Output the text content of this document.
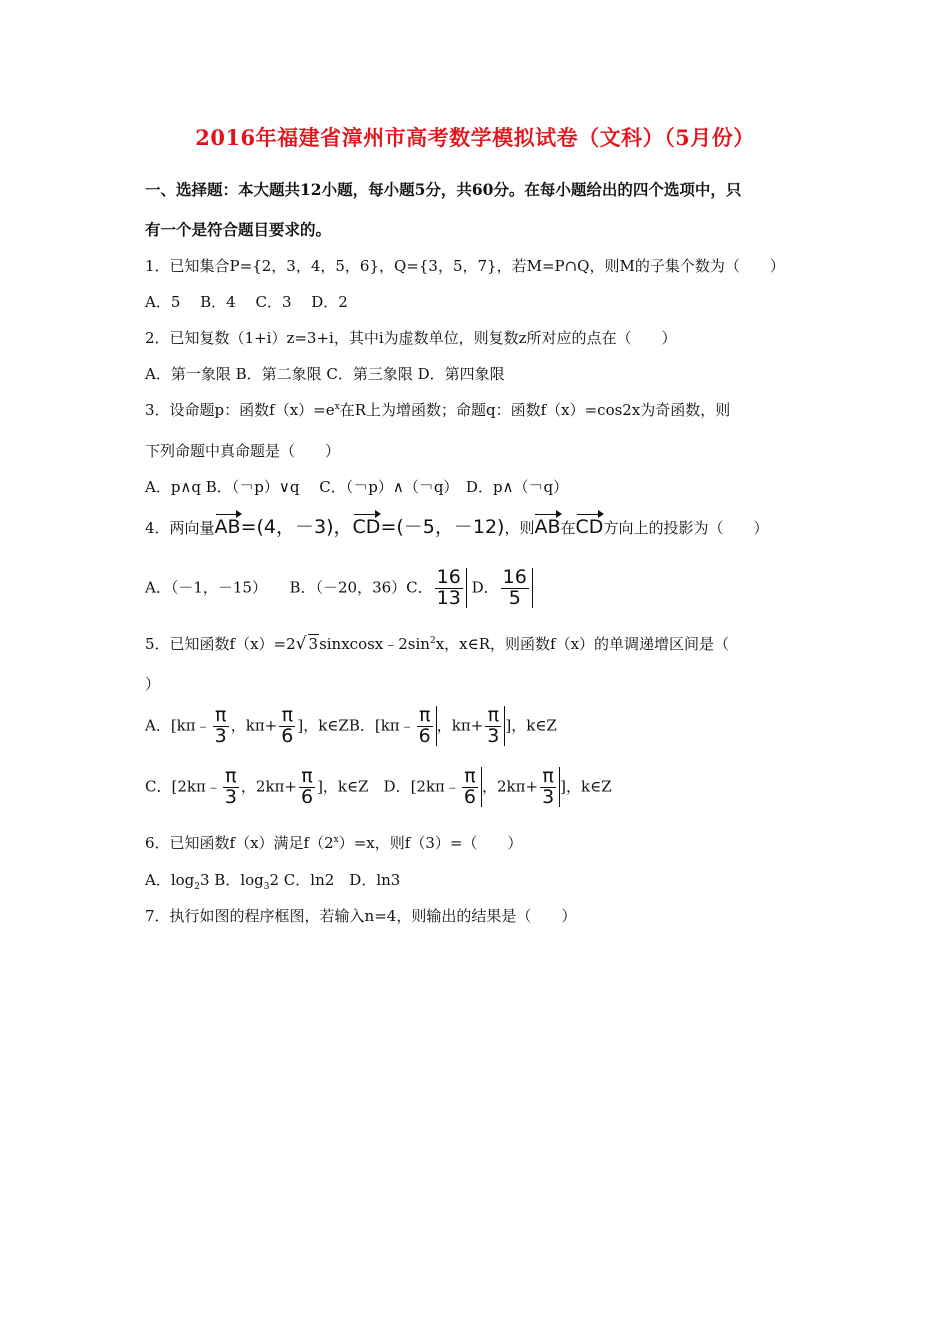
2016年福建省漳州市高考数学模拟试卷（文科）（5月份）
一、选择题：本大题共12小题，每小题5分，共60分。在每小题给出的四个选项中，只
有一个是符合题目要求的。
1．已知集合P={2，3，4，5，6}，Q={3，5，7}，若M=P∩Q，则M的子集个数为（　　）
A．5　 B．4　 C．3　 D．2
2．已知复数（1+i）z=3+i，其中i为虚数单位，则复数z所对应的点在（　　）
A．第一象限 B．第二象限 C．第三象限 D．第四象限
3．设命题p：函数$f(x)=e^x$在R上为增函数；命题q：函数f（x）=cos2x为奇函数，则
下列命题中真命题是（　　）
A．p∧q B．（￢p）∨q　 C．（￢p）∧（￢q）　D．p∧（￢q）
4．两向量AB=(4，－3)，CD=(－5，－12)，则AB在CD方向上的投影为（　　）
A．（－1，－15）　　B．（－20，36）C． $\frac{16}{13}$ D． $\frac{16}{5}$
5．已知函数f（x）=2√ $3sinxcosx﹣2\sin^2x$，x∈R，则函数f（x）的单调递增区间是（
）
A．[kπ﹣ $\frac{\pi}{3}$ ，$k\pi+ \frac{\pi}{6}$ ]，k∈ZB．[kπ﹣ $\frac{\pi}{6}$ ，$k\pi+ \frac{\pi}{3}$ ]，k∈Z
C．[2kπ﹣ $\frac{\pi}{3}$ ，$2k\pi+ \frac{\pi}{6}$ ]，k∈Z　D．[2kπ﹣ $\frac{\pi}{6}$ ，$2k\pi+ \frac{\pi}{3}$ ]，k∈Z
6．已知函数f（x）满足$f(2^x)=x$，则f（3）=（　　）
A．$\log_23$ B．$\log_32$ C．ln2　D．ln3
7．执行如图的程序框图，若输入n=4，则输出的结果是（　　）
